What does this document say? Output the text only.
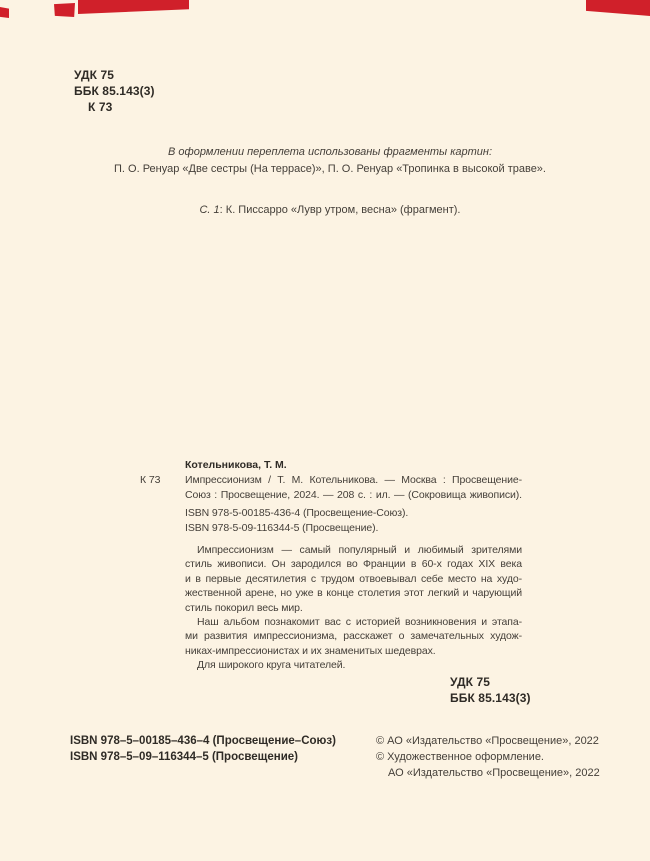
УДК 75
ББК 85.143(3)
К 73
В оформлении переплета использованы фрагменты картин:
П. О. Ренуар «Две сестры (На террасе)», П. О. Ренуар «Тропинка в высокой траве».
С. 1: К. Писсарро «Лувр утром, весна» (фрагмент).
Котельникова, Т. М.
К 73 Импрессионизм / Т. М. Котельникова. — Москва : Просвещение-
Союз : Просвещение, 2024. — 208 с. : ил. — (Сокровища живописи).
ISBN 978-5-00185-436-4 (Просвещение-Союз).
ISBN 978-5-09-116344-5 (Просвещение).
Импрессионизм — самый популярный и любимый зрителями
стиль живописи. Он зародился во Франции в 60-х годах XIX века
и в первые десятилетия с трудом отвоевывал себе место на худо-
жественной арене, но уже в конце столетия этот легкий и чарующий
стиль покорил весь мир.
Наш альбом познакомит вас с историей возникновения и этапа-
ми развития импрессионизма, расскажет о замечательных худож-
никах-импрессионистах и их знаменитых шедеврах.
Для широкого круга читателей.
УДК 75
ББК 85.143(3)
ISBN 978–5–00185–436–4 (Просвещение–Союз)
ISBN 978–5–09–116344–5 (Просвещение)
© АО «Издательство «Просвещение», 2022
© Художественное оформление.
АО «Издательство «Просвещение», 2022
